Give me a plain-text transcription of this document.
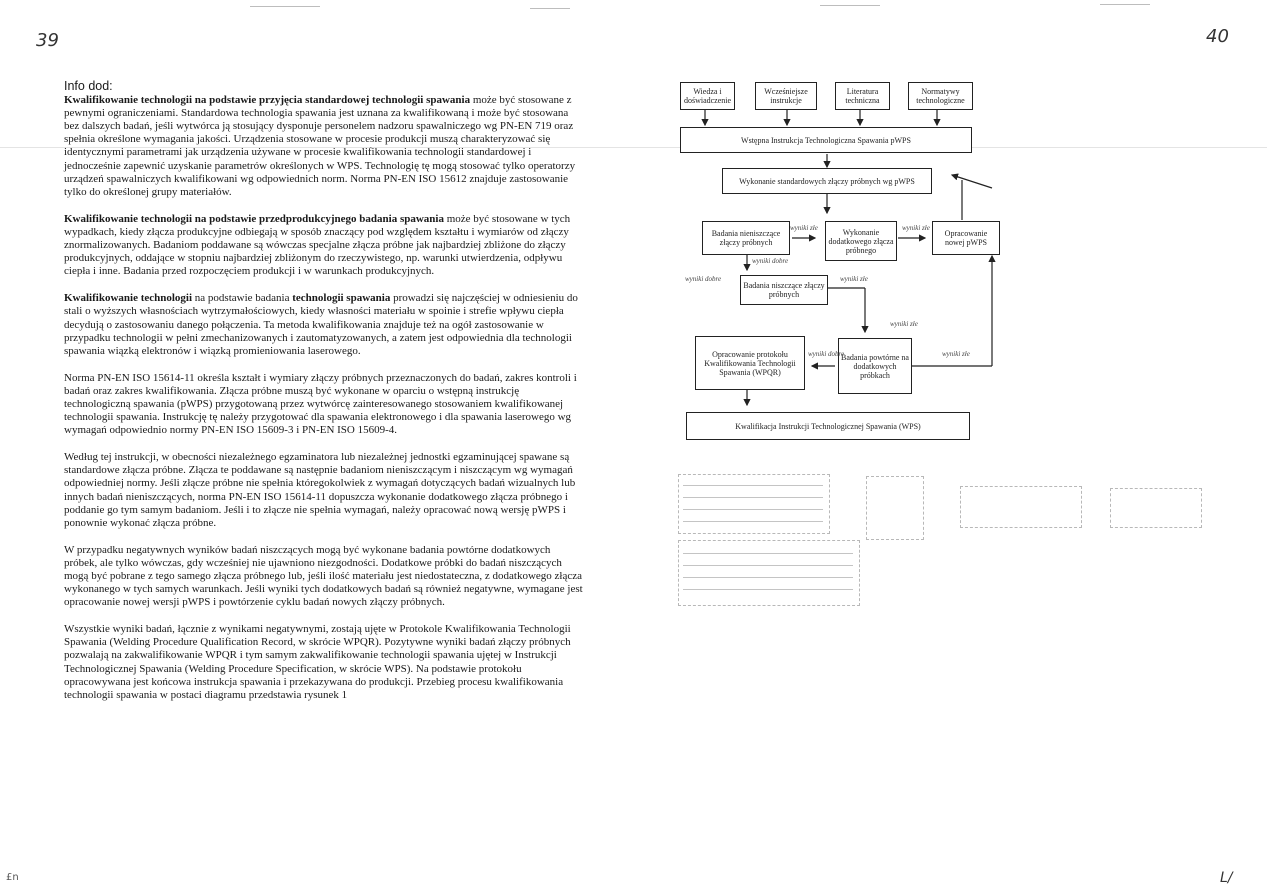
39	40
£n	L/
Info dod:

Kwalifikowanie technologii na podstawie przyjęcia standardowej technologii spawania może być stosowane z pewnymi ograniczeniami. Standardowa technologia spawania jest uznana za kwalifikowaną i może być stosowana bez dalszych badań, jeśli wytwórca ją stosujący dysponuje personelem nadzoru spawalniczego wg PN-EN 719 oraz spełnia określone wymagania jakości. Urządzenia stosowane w procesie produkcji muszą charakteryzować się identycznymi parametrami jak urządzenia używane w procesie kwalifikowania technologii standardowej i jednocześnie zapewnić uzyskanie parametrów określonych w WPS. Technologię tę mogą stosować tylko operatorzy urządzeń spawalniczych kwalifikowani wg odpowiednich norm. Norma PN-EN ISO 15612 znajduje zastosowanie tylko do określonej grupy materiałów.

Kwalifikowanie technologii na podstawie przedprodukcyjnego badania spawania może być stosowane w tych wypadkach, kiedy złącza produkcyjne odbiegają w sposób znaczący pod względem kształtu i wymiarów od złączy znormalizowanych. Badaniom poddawane są wówczas specjalne złącza próbne jak najbardziej zbliżone do złączy produkcyjnych, oddające w stopniu najbardziej zbliżonym do rzeczywistego, np. warunki utwierdzenia, odpływu ciepła i inne. Badania przed rozpoczęciem produkcji i w warunkach produkcyjnych.

Kwalifikowanie technologii na podstawie badania technologii spawania prowadzi się najczęściej w odniesieniu do stali o wyższych własnościach wytrzymałościowych, kiedy własności materiału w spoinie i strefie wpływu ciepła decydują o zastosowaniu danego połączenia. Ta metoda kwalifikowania znajduje też na ogół zastosowanie w przypadku technologii w pełni zmechanizowanych i zautomatyzowanych, a zatem jest odpowiednia dla technologii spawania wiązką elektronów i wiązką promieniowania laserowego.

Norma PN-EN ISO 15614-11 określa kształt i wymiary złączy próbnych przeznaczonych do badań, zakres kontroli i badań oraz zakres kwalifikowania. Złącza próbne muszą być wykonane w oparciu o wstępną instrukcję technologiczną spawania (pWPS) przygotowaną przez wytwórcę zainteresowanego stosowaniem kwalifikowanej technologii spawania. Instrukcję tę należy przygotować dla spawania elektronowego i dla spawania laserowego wg wymagań odpowiednio normy PN-EN ISO 15609-3 i PN-EN ISO 15609-4.

Według tej instrukcji, w obecności niezależnego egzaminatora lub niezależnej jednostki egzaminującej spawane są standardowe złącza próbne. Złącza te poddawane są następnie badaniom nieniszczącym i niszczącym wg wymagań odpowiedniej normy. Jeśli złącze próbne nie spełnia któregokolwiek z wymagań dotyczących badań wizualnych lub innych badań nieniszczących, norma PN-EN ISO 15614-11 dopuszcza wykonanie dodatkowego złącza próbnego i poddanie go tym samym badaniom. Jeśli i to złącze nie spełnia wymagań, należy opracować nową wersję pWPS i ponownie wykonać złącza próbne.

W przypadku negatywnych wyników badań niszczących mogą być wykonane badania powtórne dodatkowych próbek, ale tylko wówczas, gdy wcześniej nie ujawniono niezgodności. Dodatkowe próbki do badań niszczących mogą być pobrane z tego samego złącza próbnego lub, jeśli ilość materiału jest niedostateczna, z dodatkowego złącza wykonanego w tych samych warunkach. Jeśli wyniki tych dodatkowych badań są również negatywne, wymagane jest opracowanie nowej wersji pWPS i powtórzenie cyklu badań nowych złączy próbnych.

Wszystkie wyniki badań, łącznie z wynikami negatywnymi, zostają ujęte w Protokole Kwalifikowania Technologii Spawania (Welding Procedure Qualification Record, w skrócie WPQR). Pozytywne wyniki badań złączy próbnych pozwalają na zakwalifikowanie WPQR i tym samym zakwalifikowanie technologii spawania ujętej w Instrukcji Technologicznej Spawania (Welding Procedure Specification, w skrócie WPS). Na podstawie protokołu opracowywana jest końcowa instrukcja spawania i przekazywana do produkcji. Przebieg procesu kwalifikowania technologii spawania w postaci diagramu przedstawia rysunek 1

Wiedza i doświadczenie
Wcześniejsze instrukcje
Literatura techniczna
Normatywy technologiczne
Wstępna Instrukcja Technologiczna Spawania pWPS
Wykonanie standardowych złączy próbnych wg pWPS
Badania nieniszczące złączy próbnych
Wykonanie dodatkowego złącza próbnego
Opracowanie nowej pWPS
Badania niszczące złączy próbnych
Opracowanie protokołu Kwalifikowania Technologii Spawania (WPQR)
Badania powtórne na dodatkowych próbkach
Kwalifikacja Instrukcji Technologicznej Spawania (WPS)
wyniki złe	wyniki złe
wyniki dobre
wyniki dobre	wyniki złe
wyniki złe
wyniki dobre	wyniki złe
